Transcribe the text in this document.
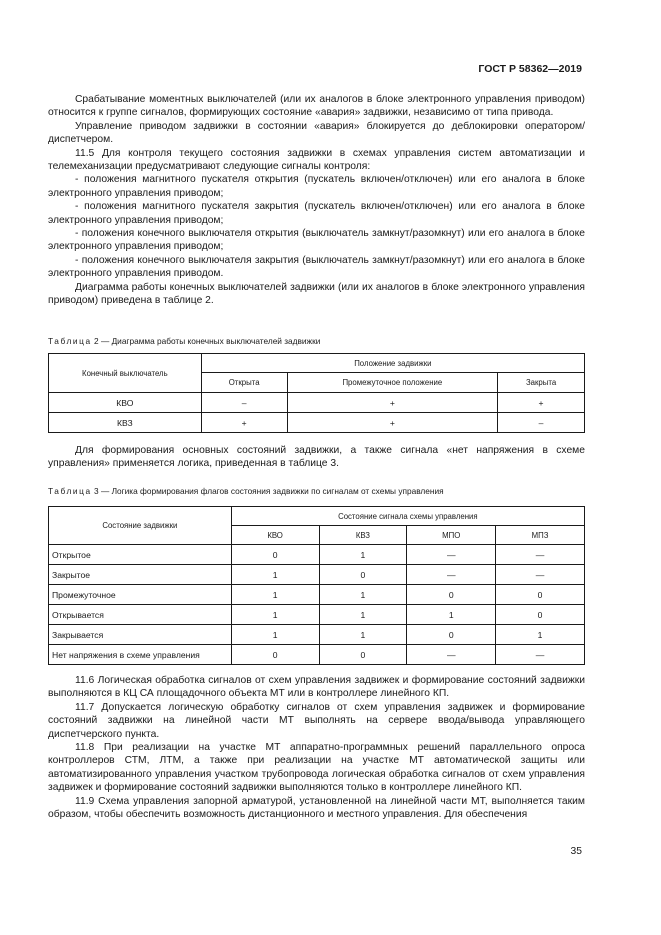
ГОСТ Р 58362—2019

Срабатывание моментных выключателей (или их аналогов в блоке электронного управления приводом) относится к группе сигналов, формирующих состояние «авария» задвижки, независимо от типа привода.

Управление приводом задвижки в состоянии «авария» блокируется до деблокировки оператором/диспетчером.

11.5 Для контроля текущего состояния задвижки в схемах управления систем автоматизации и телемеханизации предусматривают следующие сигналы контроля:

- положения магнитного пускателя открытия (пускатель включен/отключен) или его аналога в блоке электронного управления приводом;

- положения магнитного пускателя закрытия (пускатель включен/отключен) или его аналога в блоке электронного управления приводом;

- положения конечного выключателя открытия (выключатель замкнут/разомкнут) или его аналога в блоке электронного управления приводом;

- положения конечного выключателя закрытия (выключатель замкнут/разомкнут) или его аналога в блоке электронного управления приводом.

Диаграмма работы конечных выключателей задвижки (или их аналогов в блоке электронного управления приводом) приведена в таблице 2.

Таблица 2 — Диаграмма работы конечных выключателей задвижки
Конечный выключатель	Положение задвижки		
	Открыта	Промежуточное положение	Закрыта
КВО	–	+	+
КВЗ	+	+	–

Для формирования основных состояний задвижки, а также сигнала «нет напряжения в схеме управления» применяется логика, приведенная в таблице 3.

Таблица 3 — Логика формирования флагов состояния задвижки по сигналам от схемы управления
Состояние задвижки	Состояние сигнала схемы управления			
	КВО	КВЗ	МПО	МПЗ
Открытое	0	1	—	—
Закрытое	1	0	—	—
Промежуточное	1	1	0	0
Открывается	1	1	1	0
Закрывается	1	1	0	1
Нет напряжения в схеме управления	0	0	—	—

11.6 Логическая обработка сигналов от схем управления задвижек и формирование состояний задвижки выполняются в КЦ СА площадочного объекта МТ или в контроллере линейного КП.

11.7 Допускается логическую обработку сигналов от схем управления задвижек и формирование состояний задвижки на линейной части МТ выполнять на сервере ввода/вывода управляющего диспетчерского пункта.

11.8 При реализации на участке МТ аппаратно-программных решений параллельного опроса контроллеров СТМ, ЛТМ, а также при реализации на участке МТ автоматической защиты или автоматизированного управления участком трубопровода логическая обработка сигналов от схем управления задвижек и формирование состояний задвижки выполняются только в контроллере линейного КП.

11.9 Схема управления запорной арматурой, установленной на линейной части МТ, выполняется таким образом, чтобы обеспечить возможность дистанционного и местного управления. Для обеспечения

35
